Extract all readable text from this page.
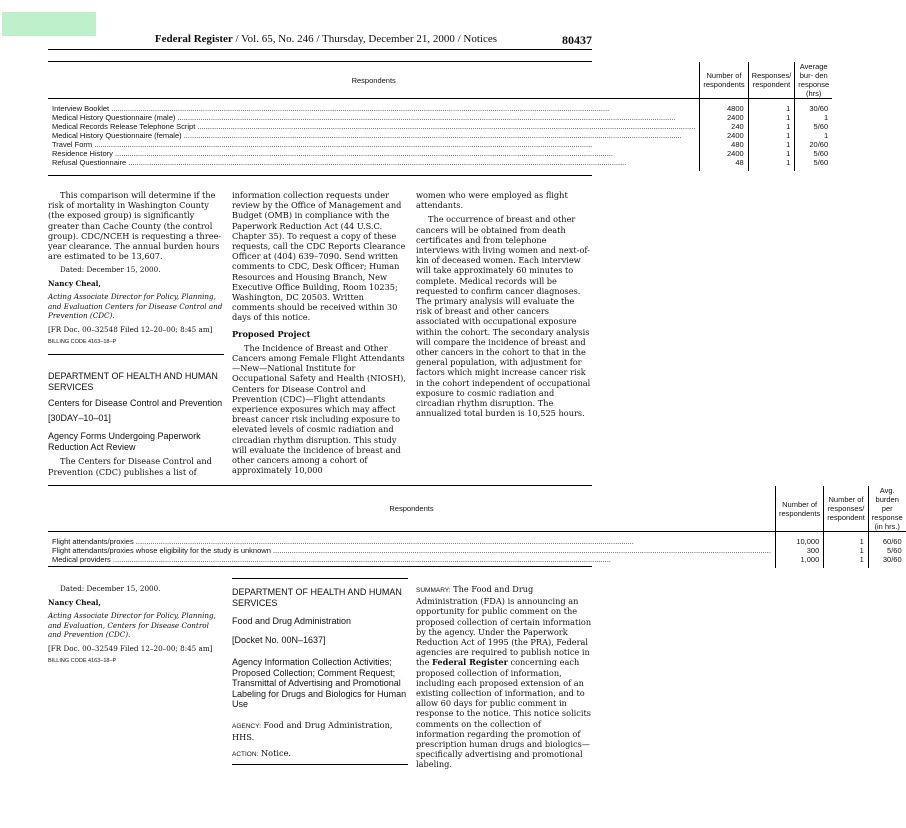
Federal Register / Vol. 65, No. 246 / Thursday, December 21, 2000 / Notices	80437
Respondents	Number of respondents	Responses/ respondent	Average bur- den response (hrs)
Interview Booklet .....	4800	1	30/60
Medical History Questionnaire (male) .....	2400	1	1
Medical Records Release Telephone Script .....	240	1	5/60
Medical History Questionnaire (female) .....	2400	1	1
Travel Form .....	480	1	20/60
Residence History .....	2400	1	5/60
Refusal Questionnaire .....	48	1	5/60

This comparison will determine if the risk of mortality in Washington County (the exposed group) is significantly greater than Cache County (the control group). CDC/NCEH is requesting a three-year clearance. The annual burden hours are estimated to be 13,607.

Dated: December 15, 2000.

Nancy Cheal,

Acting Associate Director for Policy, Planning, and Evaluation Centers for Disease Control and Prevention (CDC).

[FR Doc. 00–32548 Filed 12–20–00; 8:45 am]

BILLING CODE 4163–18–P

DEPARTMENT OF HEALTH AND HUMAN SERVICES
Centers for Disease Control and Prevention
[30DAY–10–01]
Agency Forms Undergoing Paperwork Reduction Act Review

The Centers for Disease Control and Prevention (CDC) publishes a list of

information collection requests under review by the Office of Management and Budget (OMB) in compliance with the Paperwork Reduction Act (44 U.S.C. Chapter 35). To request a copy of these requests, call the CDC Reports Clearance Officer at (404) 639–7090. Send written comments to CDC, Desk Officer; Human Resources and Housing Branch, New Executive Office Building, Room 10235; Washington, DC 20503. Written comments should be received within 30 days of this notice.

Proposed Project

The Incidence of Breast and Other Cancers among Female Flight Attendants—New—National Institute for Occupational Safety and Health (NIOSH), Centers for Disease Control and Prevention (CDC)—Flight attendants experience exposures which may affect breast cancer risk including exposure to elevated levels of cosmic radiation and circadian rhythm disruption. This study will evaluate the incidence of breast and other cancers among a cohort of approximately 10,000

women who were employed as flight attendants.

The occurrence of breast and other cancers will be obtained from death certificates and from telephone interviews with living women and next-of-kin of deceased women. Each interview will take approximately 60 minutes to complete. Medical records will be requested to confirm cancer diagnoses. The primary analysis will evaluate the risk of breast and other cancers associated with occupational exposure within the cohort. The secondary analysis will compare the incidence of breast and other cancers in the cohort to that in the general population, with adjustment for factors which might increase cancer risk in the cohort independent of occupational exposure to cosmic radiation and circadian rhythm disruption. The annualized total burden is 10,525 hours.

Respondents	Number of respondents	Number of responses/ respondent	Avg. burden per response (in hrs.)
Flight attendants/proxies .....	10,000	1	60/60
Flight attendants/proxies whose eligibility for the study is unknown .....	300	1	5/60
Medical providers .....	1,000	1	30/60

Dated: December 15, 2000.

Nancy Cheal,

Acting Associate Director for Policy, Planning, and Evaluation, Centers for Disease Control and Prevention (CDC).

[FR Doc. 00–32549 Filed 12–20–00; 8:45 am]

BILLING CODE 4163–18–P

DEPARTMENT OF HEALTH AND HUMAN SERVICES
Food and Drug Administration
[Docket No. 00N–1637]
Agency Information Collection Activities; Proposed Collection; Comment Request; Transmittal of Advertising and Promotional Labeling for Drugs and Biologics for Human Use

AGENCY: Food and Drug Administration, HHS.

ACTION: Notice.

SUMMARY: The Food and Drug Administration (FDA) is announcing an opportunity for public comment on the proposed collection of certain information by the agency. Under the Paperwork Reduction Act of 1995 (the PRA), Federal agencies are required to publish notice in the Federal Register concerning each proposed collection of information, including each proposed extension of an existing collection of information, and to allow 60 days for public comment in response to the notice. This notice solicits comments on the collection of information regarding the promotion of prescription human drugs and biologics—specifically advertising and promotional labeling.
